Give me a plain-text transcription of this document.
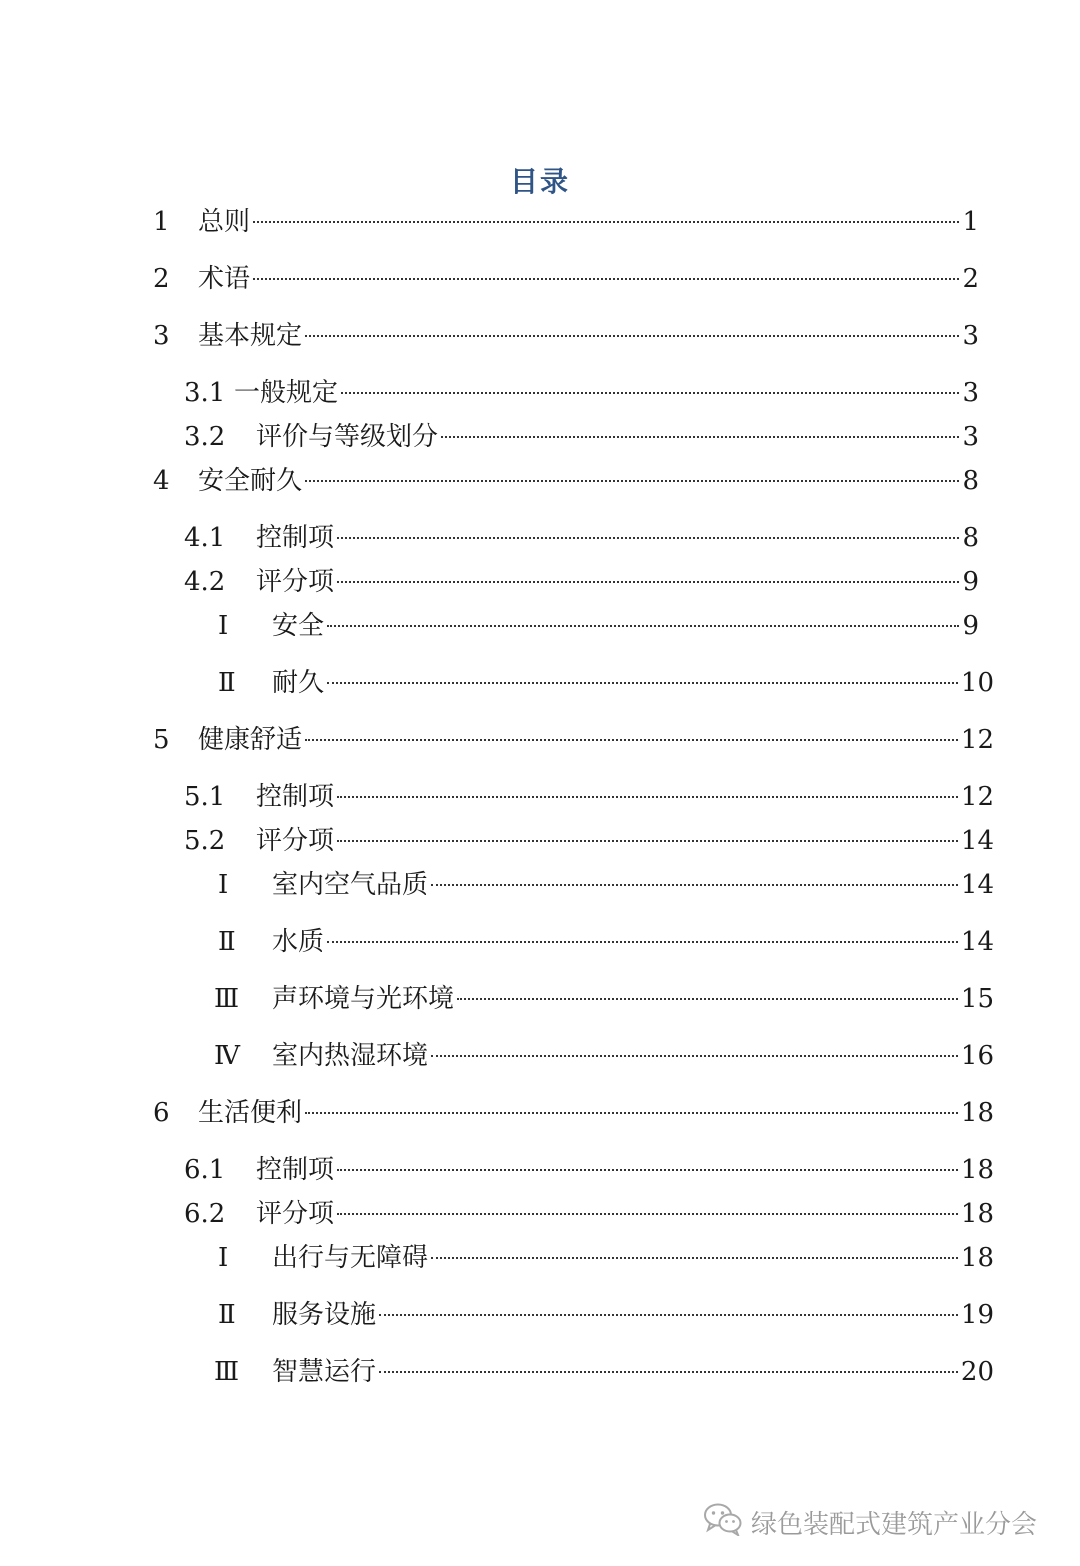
目录
1	总则	1
2	术语	2
3	基本规定	3
3.1 一般规定	3
3.2	评价与等级划分	3
4	安全耐久	8
4.1	控制项	8
4.2	评分项	9
Ⅰ	安全	9
Ⅱ	耐久	10
5	健康舒适	12
5.1	控制项	12
5.2	评分项	14
Ⅰ	室内空气品质	14
Ⅱ	水质	14
Ⅲ	声环境与光环境	15
Ⅳ	室内热湿环境	16
6	生活便利	18
6.1	控制项	18
6.2	评分项	18
Ⅰ	出行与无障碍	18
Ⅱ	服务设施	19
Ⅲ	智慧运行	20
绿色装配式建筑产业分会
